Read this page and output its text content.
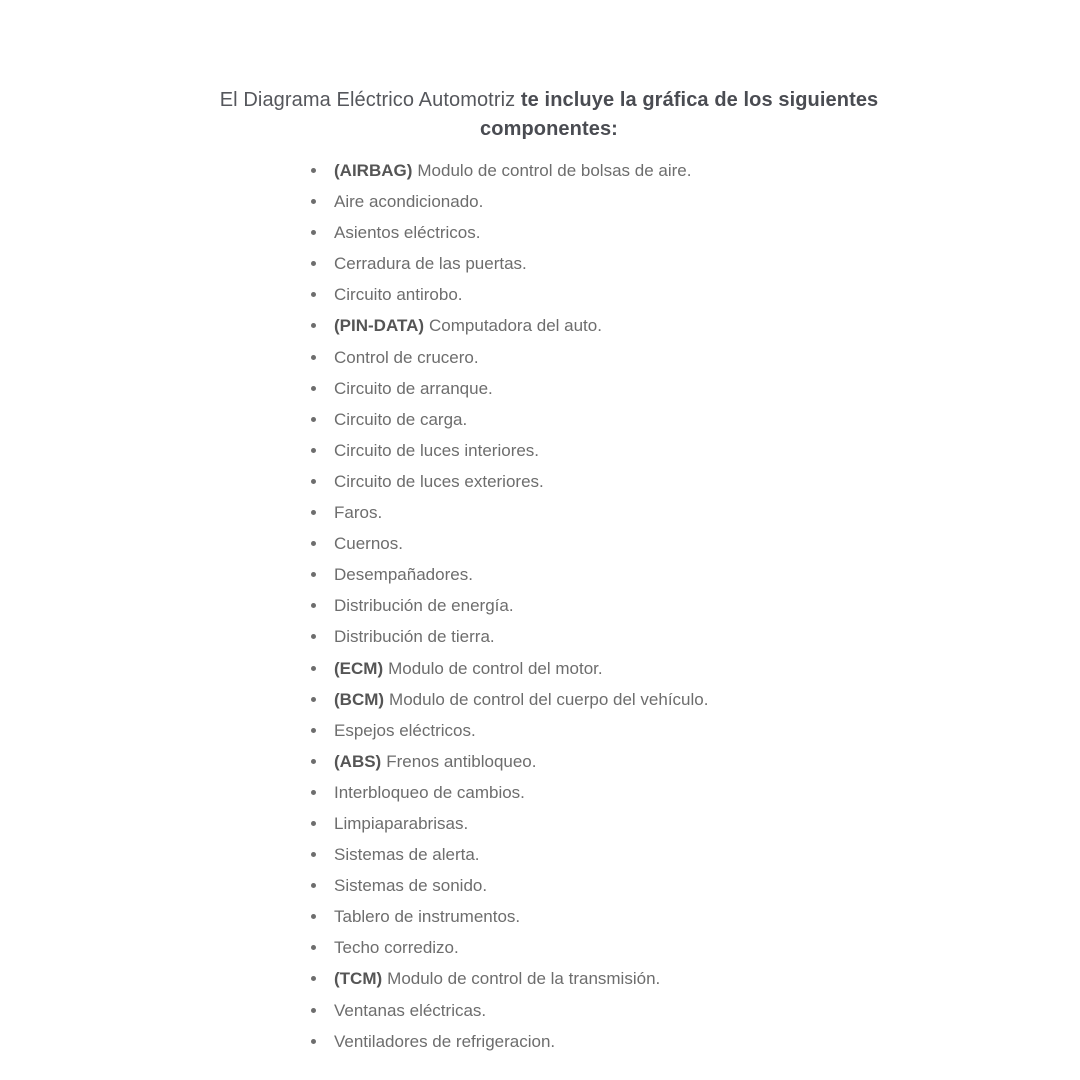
El Diagrama Eléctrico Automotriz te incluye la gráfica de los siguientes componentes:
(AIRBAG) Modulo de control de bolsas de aire.
Aire acondicionado.
Asientos eléctricos.
Cerradura de las puertas.
Circuito antirobo.
(PIN-DATA) Computadora del auto.
Control de crucero.
Circuito de arranque.
Circuito de carga.
Circuito de luces interiores.
Circuito de luces exteriores.
Faros.
Cuernos.
Desempañadores.
Distribución de energía.
Distribución de tierra.
(ECM) Modulo de control del motor.
(BCM) Modulo de control del cuerpo del vehículo.
Espejos eléctricos.
(ABS) Frenos antibloqueo.
Interbloqueo de cambios.
Limpiaparabrisas.
Sistemas de alerta.
Sistemas de sonido.
Tablero de instrumentos.
Techo corredizo.
(TCM) Modulo de control de la transmisión.
Ventanas eléctricas.
Ventiladores de refrigeracion.
